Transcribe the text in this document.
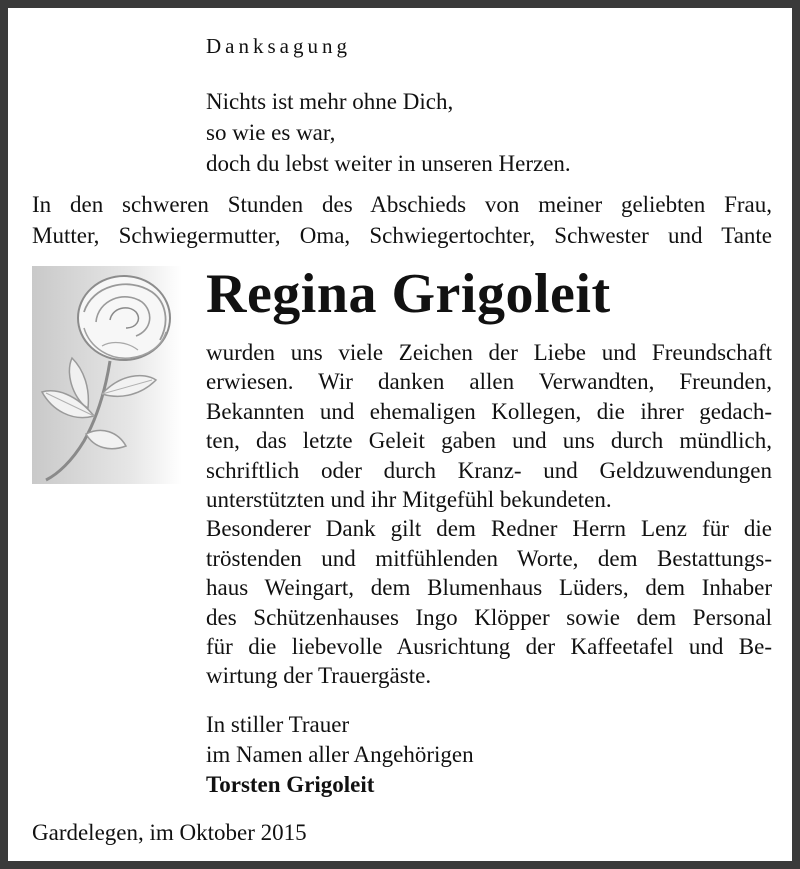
Danksagung
Nichts ist mehr ohne Dich,
so wie es war,
doch du lebst weiter in unseren Herzen.
In den schweren Stunden des Abschieds von meiner geliebten Frau,
Mutter, Schwiegermutter, Oma, Schwiegertochter, Schwester und Tante
Regina Grigoleit
wurden uns viele Zeichen der Liebe und Freundschaft
erwiesen. Wir danken allen Verwandten, Freunden,
Bekannten und ehemaligen Kollegen, die ihrer gedach-
ten, das letzte Geleit gaben und uns durch mündlich,
schriftlich oder durch Kranz- und Geldzuwendungen
unterstützten und ihr Mitgefühl bekundeten.
Besonderer Dank gilt dem Redner Herrn Lenz für die
tröstenden und mitfühlenden Worte, dem Bestattungs-
haus Weingart, dem Blumenhaus Lüders, dem Inhaber
des Schützenhauses Ingo Klöpper sowie dem Personal
für die liebevolle Ausrichtung der Kaffeetafel und Be-
wirtung der Trauergäste.
In stiller Trauer
im Namen aller Angehörigen
Torsten Grigoleit
Gardelegen, im Oktober 2015
